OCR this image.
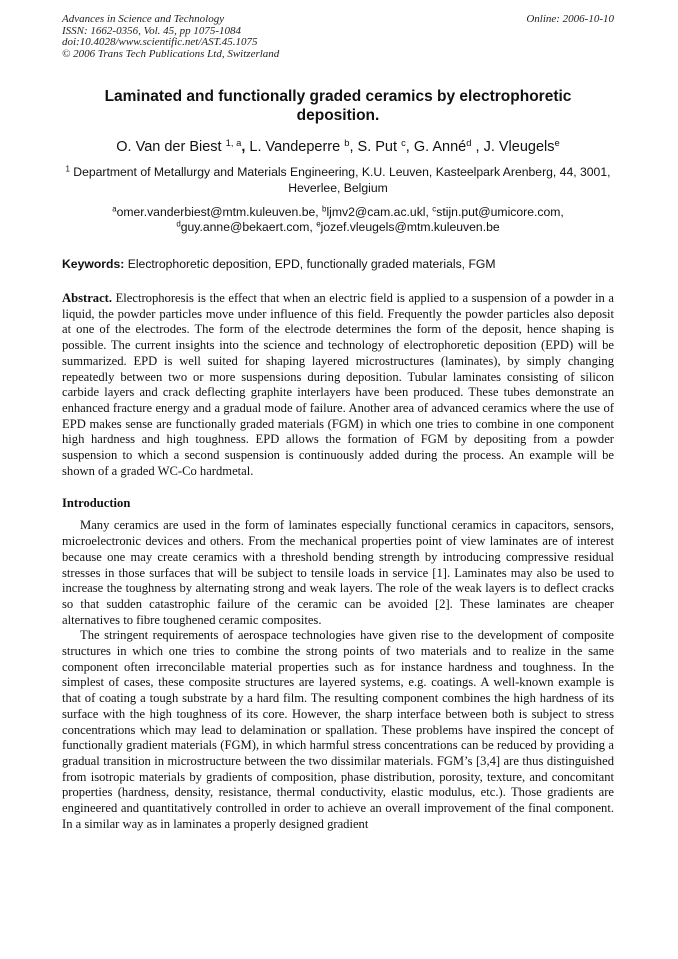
Advances in Science and Technology
ISSN: 1662-0356, Vol. 45, pp 1075-1084
doi:10.4028/www.scientific.net/AST.45.1075
© 2006 Trans Tech Publications Ltd, Switzerland
Online: 2006-10-10
Laminated and functionally graded ceramics by electrophoretic deposition.
O. Van der Biest $^{1, a}$, L. Vandeperre $^b$, S. Put $^c$, G. Anné$^d$ , J. Vleugels$^e$
$^1$ Department of Metallurgy and Materials Engineering, K.U. Leuven, Kasteelpark Arenberg, 44, 3001, Heverlee, Belgium
$^a$omer.vanderbiest@mtm.kuleuven.be, $^b$ljmv2@cam.ac.ukl, $^c$stijn.put@umicore.com,
$^d$guy.anne@bekaert.com, $^e$jozef.vleugels@mtm.kuleuven.be
Keywords: Electrophoretic deposition, EPD, functionally graded materials, FGM
Abstract. Electrophoresis is the effect that when an electric field is applied to a suspension of a powder in a liquid, the powder particles move under influence of this field. Frequently the powder particles also deposit at one of the electrodes. The form of the electrode determines the form of the deposit, hence shaping is possible. The current insights into the science and technology of electrophoretic deposition (EPD) will be summarized. EPD is well suited for shaping layered microstructures (laminates), by simply changing repeatedly between two or more suspensions during deposition. Tubular laminates consisting of silicon carbide layers and crack deflecting graphite interlayers have been produced. These tubes demonstrate an enhanced fracture energy and a gradual mode of failure. Another area of advanced ceramics where the use of EPD makes sense are functionally graded materials (FGM) in which one tries to combine in one component high hardness and high toughness. EPD allows the formation of FGM by depositing from a powder suspension to which a second suspension is continuously added during the process. An example will be shown of a graded WC-Co hardmetal.
Introduction
Many ceramics are used in the form of laminates especially functional ceramics in capacitors, sensors, microelectronic devices and others. From the mechanical properties point of view laminates are of interest because one may create ceramics with a threshold bending strength by introducing compressive residual stresses in those surfaces that will be subject to tensile loads in service [1]. Laminates may also be used to increase the toughness by alternating strong and weak layers. The role of the weak layers is to deflect cracks so that sudden catastrophic failure of the ceramic can be avoided [2]. These laminates are cheaper alternatives to fibre toughened ceramic composites.
The stringent requirements of aerospace technologies have given rise to the development of composite structures in which one tries to combine the strong points of two materials and to realize in the same component often irreconcilable material properties such as for instance hardness and toughness. In the simplest of cases, these composite structures are layered systems, e.g. coatings. A well-known example is that of coating a tough substrate by a hard film. The resulting component combines the high hardness of its surface with the high toughness of its core. However, the sharp interface between both is subject to stress concentrations which may lead to delamination or spallation. These problems have inspired the concept of functionally gradient materials (FGM), in which harmful stress concentrations can be reduced by providing a gradual transition in microstructure between the two dissimilar materials. FGM’s [3,4] are thus distinguished from isotropic materials by gradients of composition, phase distribution, porosity, texture, and concomitant properties (hardness, density, resistance, thermal conductivity, elastic modulus, etc.). Those gradients are engineered and quantitatively controlled in order to achieve an overall improvement of the final component. In a similar way as in laminates a properly designed gradient
